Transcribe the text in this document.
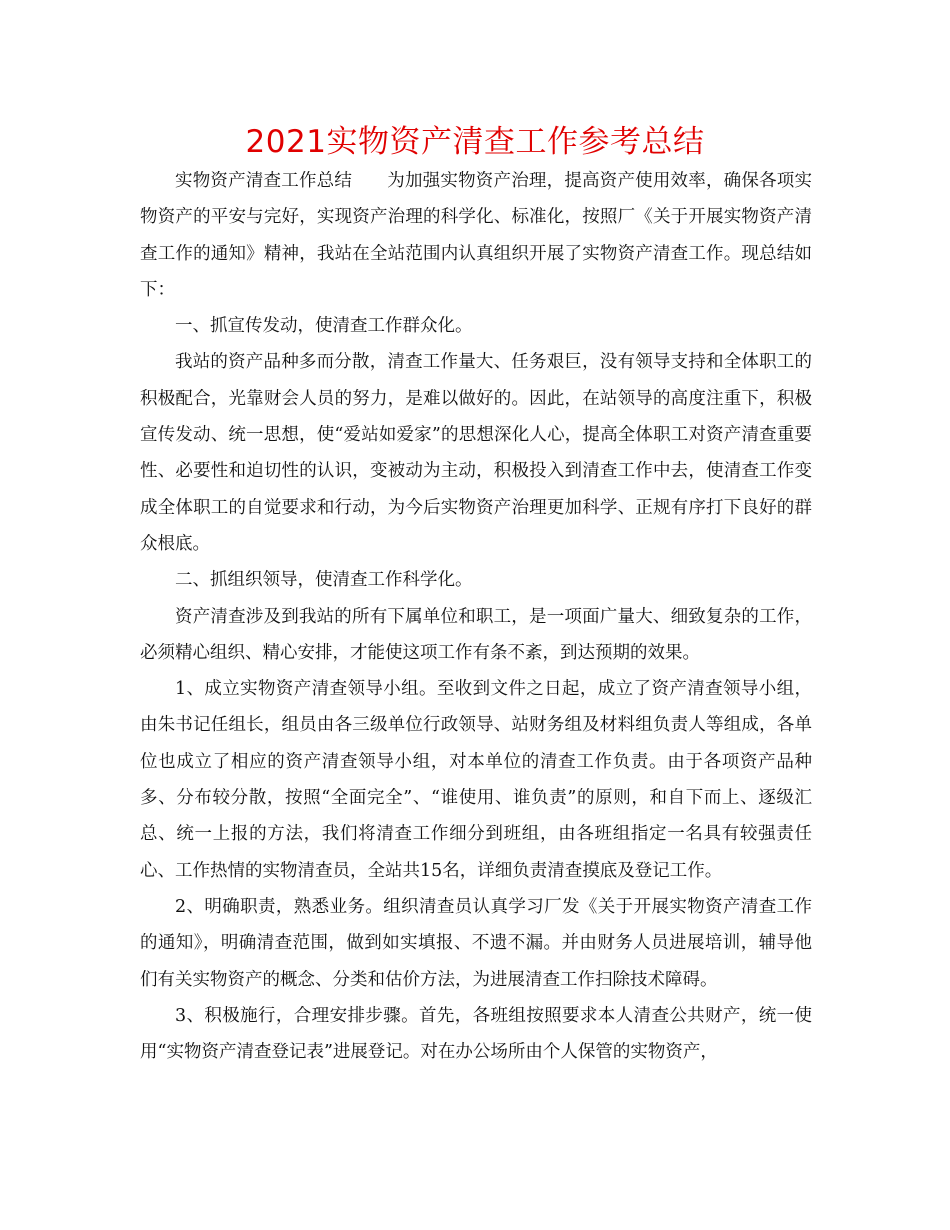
2021实物资产清查工作参考总结

实物资产清查工作总结 为加强实物资产治理，提高资产使用效率，确保各项实物资产的平安与完好，实现资产治理的科学化、标准化，按照厂《关于开展实物资产清查工作的通知》精神，我站在全站范围内认真组织开展了实物资产清查工作。现总结如下：

一、抓宣传发动，使清查工作群众化。

我站的资产品种多而分散，清查工作量大、任务艰巨，没有领导支持和全体职工的积极配合，光靠财会人员的努力，是难以做好的。因此，在站领导的高度注重下，积极宣传发动、统一思想，使“爱站如爱家”的思想深化人心，提高全体职工对资产清查重要性、必要性和迫切性的认识，变被动为主动，积极投入到清查工作中去，使清查工作变成全体职工的自觉要求和行动，为今后实物资产治理更加科学、正规有序打下良好的群众根底。

二、抓组织领导，使清查工作科学化。

资产清查涉及到我站的所有下属单位和职工，是一项面广量大、细致复杂的工作，必须精心组织、精心安排，才能使这项工作有条不紊，到达预期的效果。

1、成立实物资产清查领导小组。至收到文件之日起，成立了资产清查领导小组，由朱书记任组长，组员由各三级单位行政领导、站财务组及材料组负责人等组成，各单位也成立了相应的资产清查领导小组，对本单位的清查工作负责。由于各项资产品种多、分布较分散，按照“全面完全”、“谁使用、谁负责”的原则，和自下而上、逐级汇总、统一上报的方法，我们将清查工作细分到班组，由各班组指定一名具有较强责任心、工作热情的实物清查员，全站共15名，详细负责清查摸底及登记工作。

2、明确职责，熟悉业务。组织清查员认真学习厂发《关于开展实物资产清查工作的通知》，明确清查范围，做到如实填报、不遗不漏。并由财务人员进展培训，辅导他们有关实物资产的概念、分类和估价方法，为进展清查工作扫除技术障碍。

3、积极施行，合理安排步骤。首先，各班组按照要求本人清查公共财产，统一使用“实物资产清查登记表”进展登记。对在办公场所由个人保管的实物资产，
